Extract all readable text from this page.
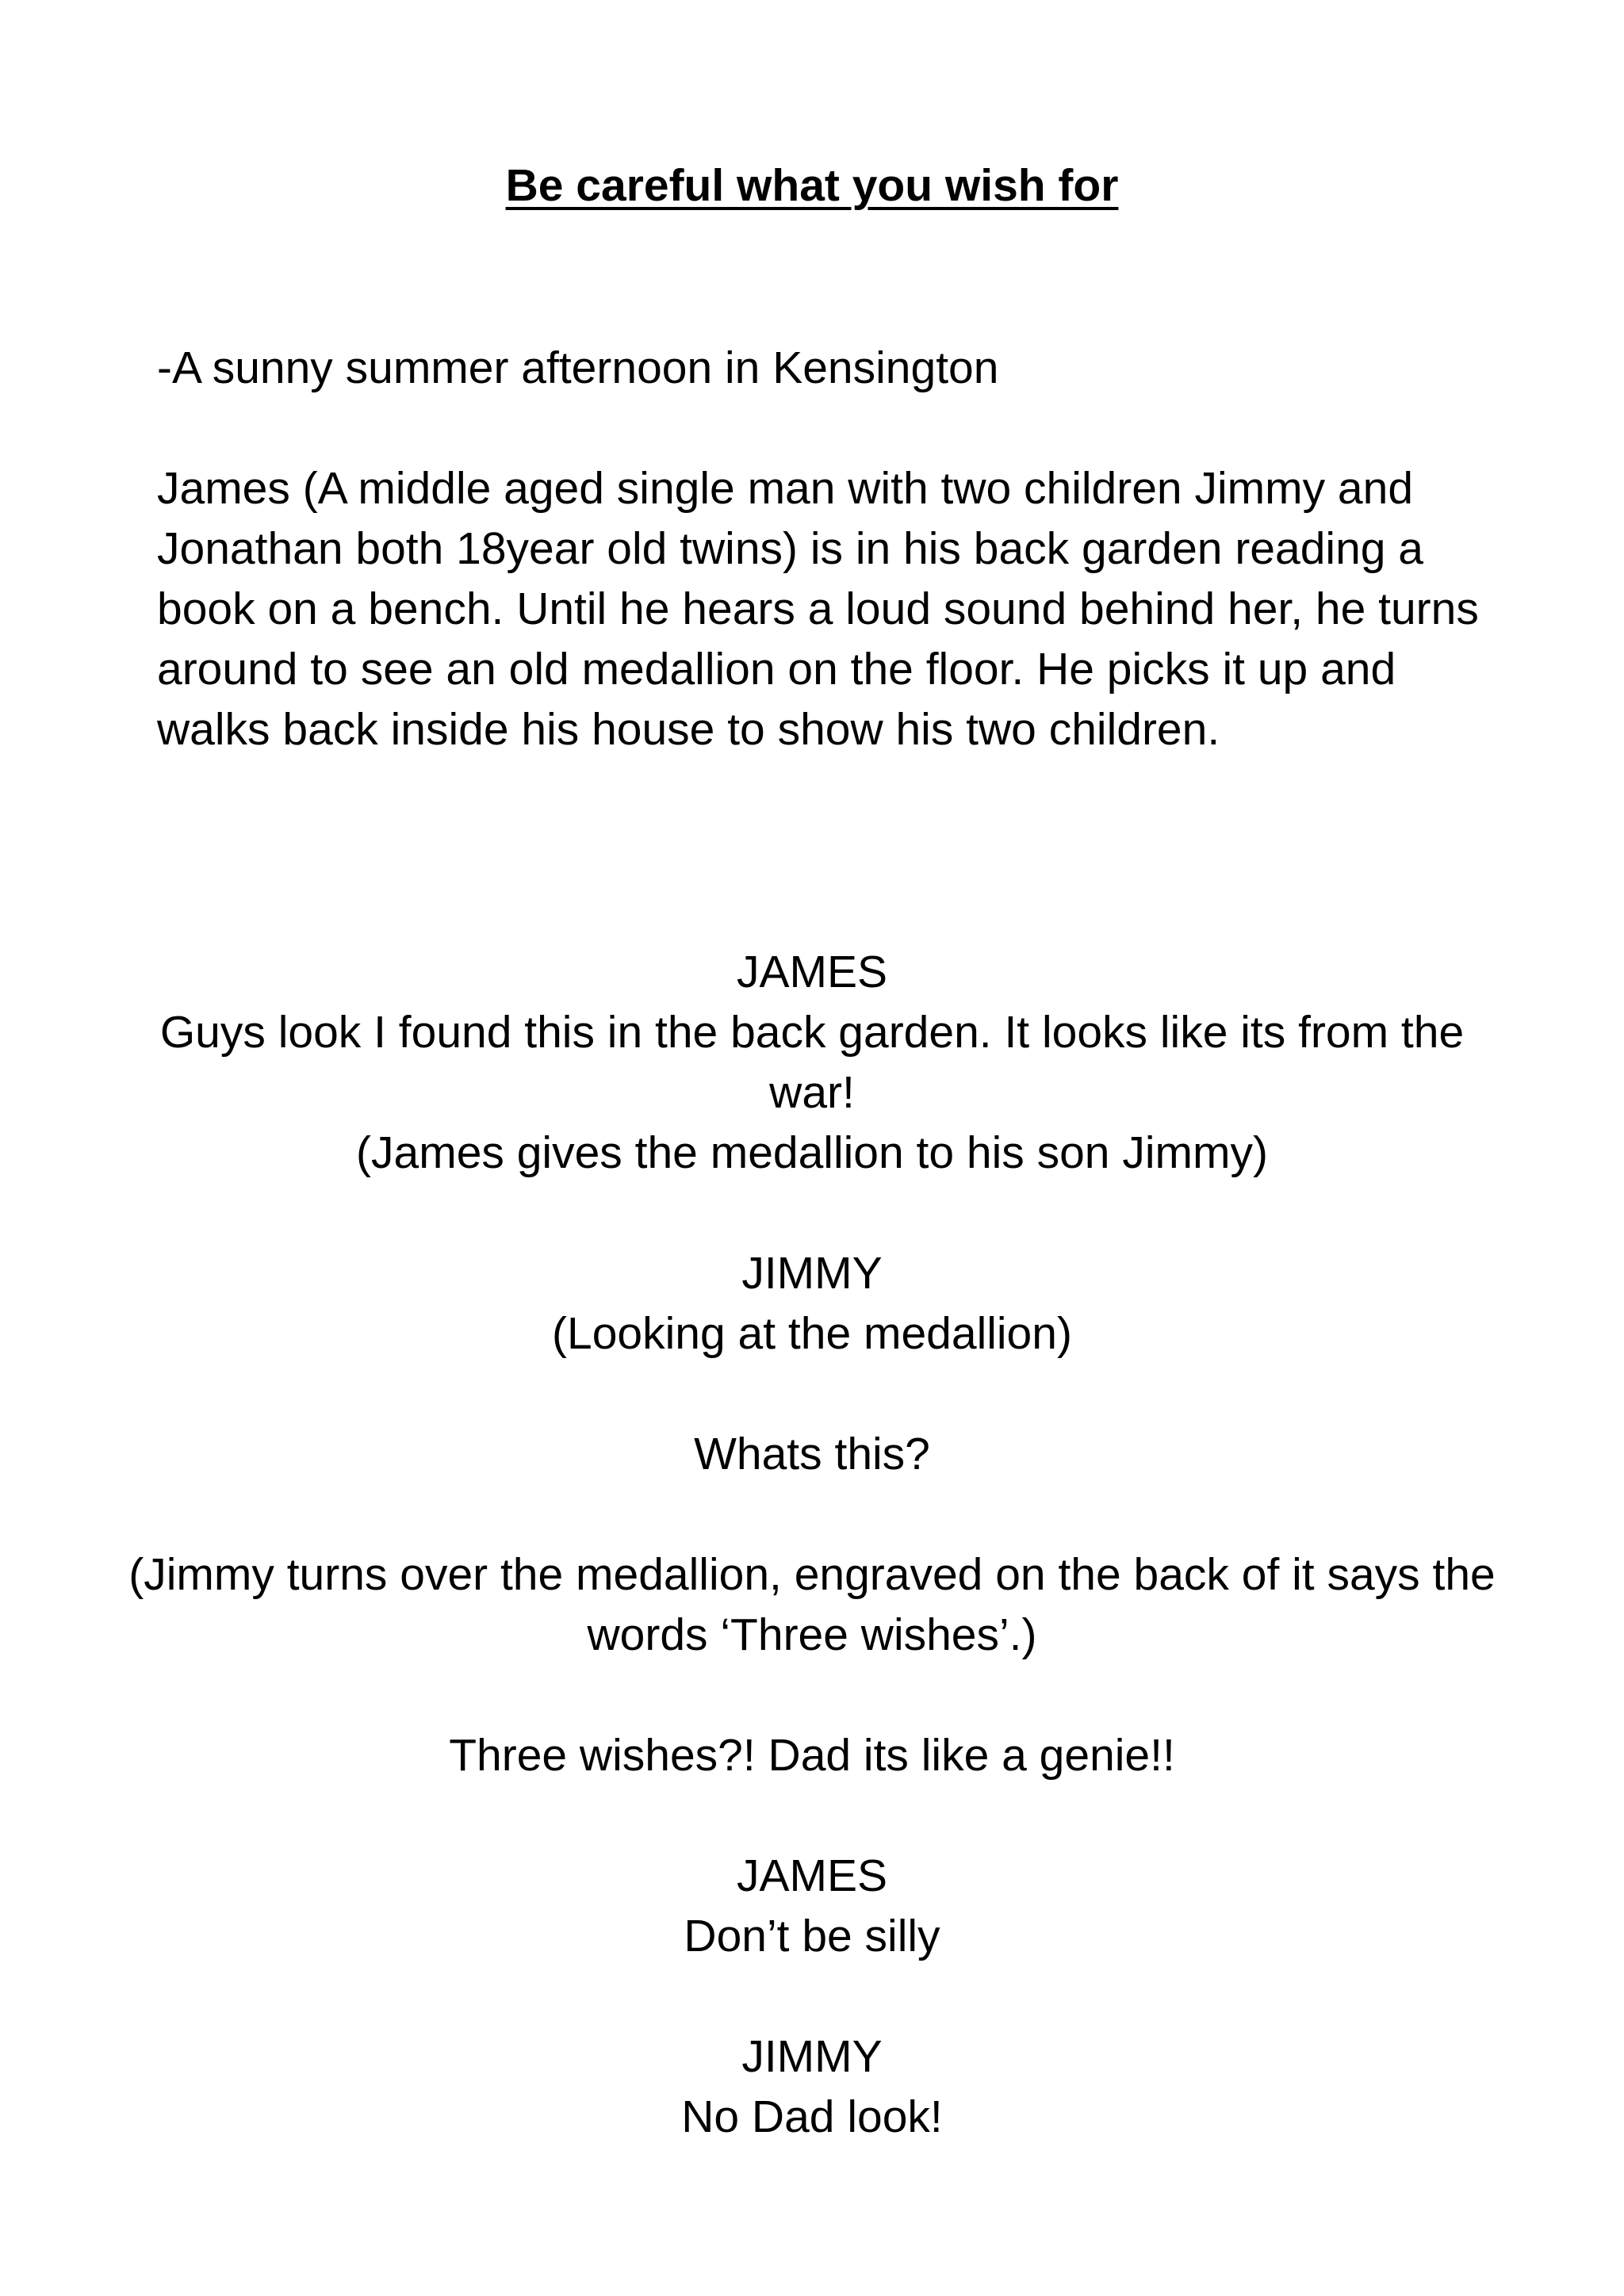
Be careful what you wish for

-A sunny summer afternoon in Kensington

James (A middle aged single man with two children Jimmy and Jonathan both 18year old twins) is in his back garden reading a book on a bench. Until he hears a loud sound behind her, he turns around to see an old medallion on the floor. He picks it up and walks back inside his house to show his two children.

JAMES

Guys look I found this in the back garden. It looks like its from the war!

(James gives the medallion to his son Jimmy)

JIMMY

(Looking at the medallion)

Whats this?

(Jimmy turns over the medallion, engraved on the back of it says the words ‘Three wishes’.)

Three wishes?! Dad its like a genie!!

JAMES

Don’t be silly

JIMMY

No Dad look!
